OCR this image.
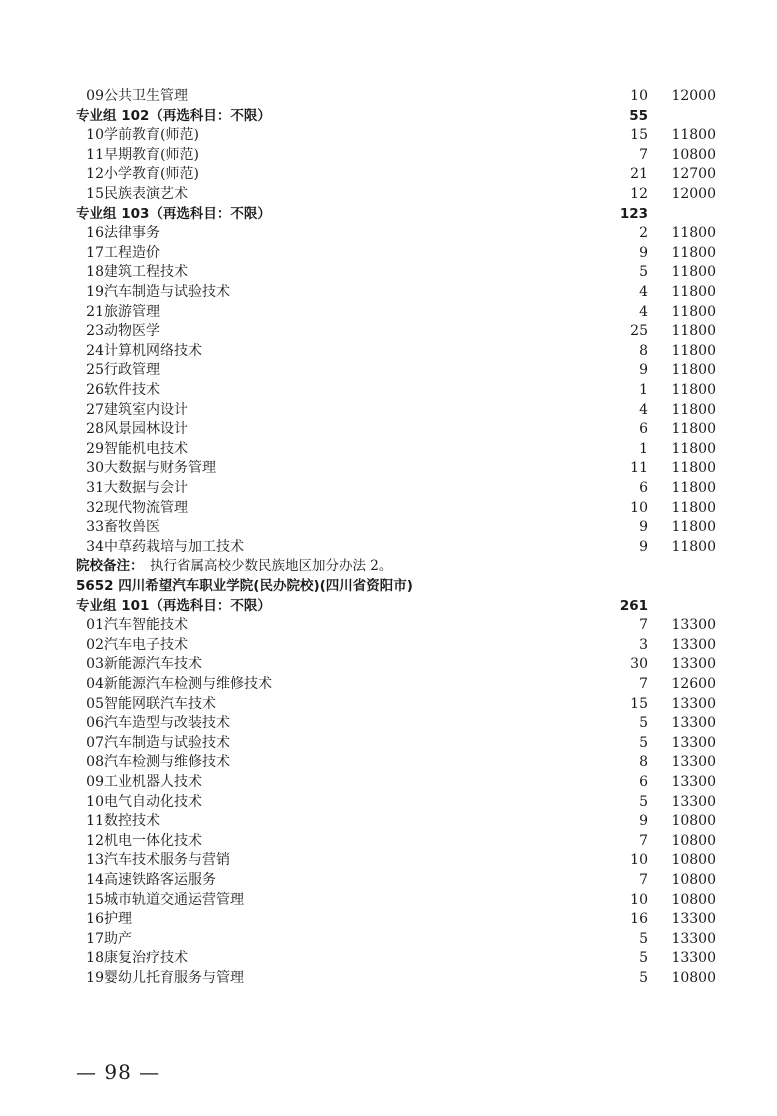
09 公共卫生管理	10	12000
专业组 102（再选科目：不限）	55
10 学前教育(师范)	15	11800
11 早期教育(师范)	7	10800
12 小学教育(师范)	21	12700
15 民族表演艺术	12	12000
专业组 103（再选科目：不限）	123
16 法律事务	2	11800
17 工程造价	9	11800
18 建筑工程技术	5	11800
19 汽车制造与试验技术	4	11800
21 旅游管理	4	11800
23 动物医学	25	11800
24 计算机网络技术	8	11800
25 行政管理	9	11800
26 软件技术	1	11800
27 建筑室内设计	4	11800
28 风景园林设计	6	11800
29 智能机电技术	1	11800
30 大数据与财务管理	11	11800
31 大数据与会计	6	11800
32 现代物流管理	10	11800
33 畜牧兽医	9	11800
34 中草药栽培与加工技术	9	11800
院校备注： 执行省属高校少数民族地区加分办法 2。
5652 四川希望汽车职业学院(民办院校)(四川省资阳市)
专业组 101（再选科目：不限）	261
01 汽车智能技术	7	13300
02 汽车电子技术	3	13300
03 新能源汽车技术	30	13300
04 新能源汽车检测与维修技术	7	12600
05 智能网联汽车技术	15	13300
06 汽车造型与改装技术	5	13300
07 汽车制造与试验技术	5	13300
08 汽车检测与维修技术	8	13300
09 工业机器人技术	6	13300
10 电气自动化技术	5	13300
11 数控技术	9	10800
12 机电一体化技术	7	10800
13 汽车技术服务与营销	10	10800
14 高速铁路客运服务	7	10800
15 城市轨道交通运营管理	10	10800
16 护理	16	13300
17 助产	5	13300
18 康复治疗技术	5	13300
19 婴幼儿托育服务与管理	5	10800
— 98 —
